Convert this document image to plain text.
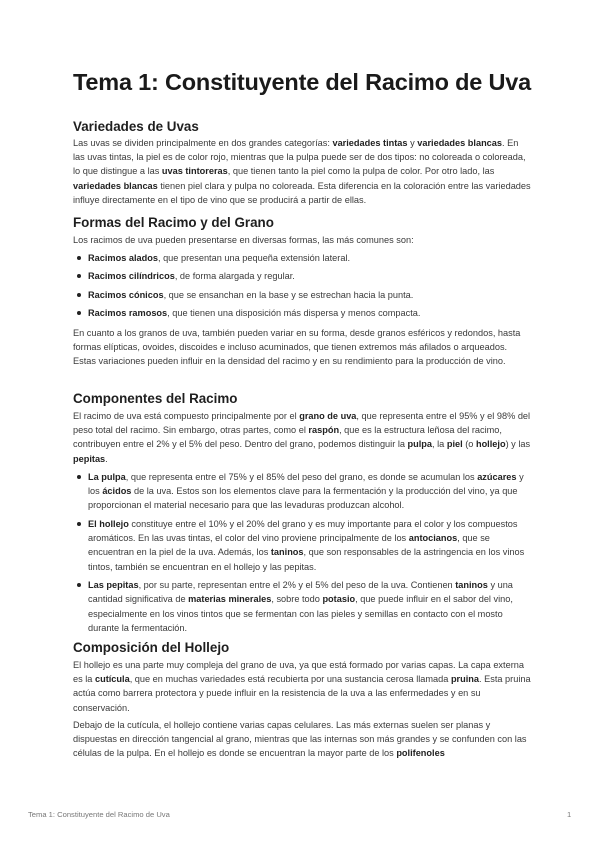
Tema 1: Constituyente del Racimo de Uva
Variedades de Uvas

Las uvas se dividen principalmente en dos grandes categorías: variedades tintas y variedades blancas. En las uvas tintas, la piel es de color rojo, mientras que la pulpa puede ser de dos tipos: no coloreada o coloreada, lo que distingue a las uvas tintoreras, que tienen tanto la piel como la pulpa de color. Por otro lado, las variedades blancas tienen piel clara y pulpa no coloreada. Esta diferencia en la coloración entre las variedades influye directamente en el tipo de vino que se producirá a partir de ellas.

Formas del Racimo y del Grano

Los racimos de uva pueden presentarse en diversas formas, las más comunes son:

Racimos alados, que presentan una pequeña extensión lateral.
Racimos cilíndricos, de forma alargada y regular.
Racimos cónicos, que se ensanchan en la base y se estrechan hacia la punta.
Racimos ramosos, que tienen una disposición más dispersa y menos compacta.

En cuanto a los granos de uva, también pueden variar en su forma, desde granos esféricos y redondos, hasta formas elípticas, ovoides, discoides e incluso acuminados, que tienen extremos más afilados o arqueados. Estas variaciones pueden influir en la densidad del racimo y en su rendimiento para la producción de vino.

Componentes del Racimo

El racimo de uva está compuesto principalmente por el grano de uva, que representa entre el 95% y el 98% del peso total del racimo. Sin embargo, otras partes, como el raspón, que es la estructura leñosa del racimo, contribuyen entre el 2% y el 5% del peso. Dentro del grano, podemos distinguir la pulpa, la piel (o hollejo) y las pepitas.

La pulpa, que representa entre el 75% y el 85% del peso del grano, es donde se acumulan los azúcares y los ácidos de la uva. Estos son los elementos clave para la fermentación y la producción del vino, ya que proporcionan el material necesario para que las levaduras produzcan alcohol.
El hollejo constituye entre el 10% y el 20% del grano y es muy importante para el color y los compuestos aromáticos. En las uvas tintas, el color del vino proviene principalmente de los antocianos, que se encuentran en la piel de la uva. Además, los taninos, que son responsables de la astringencia en los vinos tintos, también se encuentran en el hollejo y las pepitas.
Las pepitas, por su parte, representan entre el 2% y el 5% del peso de la uva. Contienen taninos y una cantidad significativa de materias minerales, sobre todo potasio, que puede influir en el sabor del vino, especialmente en los vinos tintos que se fermentan con las pieles y semillas en contacto con el mosto durante la fermentación.
Composición del Hollejo

El hollejo es una parte muy compleja del grano de uva, ya que está formado por varias capas. La capa externa es la cutícula, que en muchas variedades está recubierta por una sustancia cerosa llamada pruina. Esta pruina actúa como barrera protectora y puede influir en la resistencia de la uva a las enfermedades y en su conservación.

Debajo de la cutícula, el hollejo contiene varias capas celulares. Las más externas suelen ser planas y dispuestas en dirección tangencial al grano, mientras que las internas son más grandes y se confunden con las células de la pulpa. En el hollejo es donde se encuentran la mayor parte de los polifenoles

Tema 1: Constituyente del Racimo de Uva	1
